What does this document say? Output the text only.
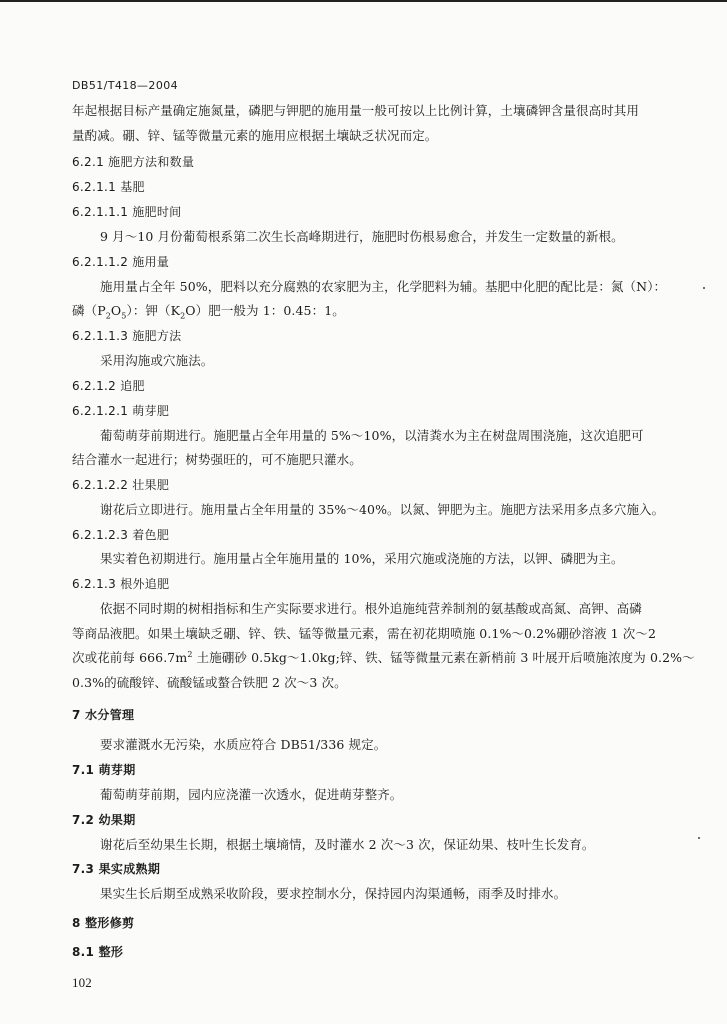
DB51/T418—2004
年起根据目标产量确定施氮量，磷肥与钾肥的施用量一般可按以上比例计算，土壤磷钾含量很高时其用
量酌减。硼、锌、锰等微量元素的施用应根据土壤缺乏状况而定。
6.2.1 施肥方法和数量
6.2.1.1 基肥
6.2.1.1.1 施肥时间
9 月～10 月份葡萄根系第二次生长高峰期进行，施肥时伤根易愈合，并发生一定数量的新根。
6.2.1.1.2 施用量
施用量占全年 50%，肥料以充分腐熟的农家肥为主，化学肥料为辅。基肥中化肥的配比是：氮（N）：
磷$(P_2O_5)$：钾$(K_2O)$肥一般为 1：0.45：1。
6.2.1.1.3 施肥方法
采用沟施或穴施法。
6.2.1.2 追肥
6.2.1.2.1 萌芽肥
葡萄萌芽前期进行。施肥量占全年用量的 5%～10%，以清粪水为主在树盘周围浇施，这次追肥可
结合灌水一起进行；树势强旺的，可不施肥只灌水。
6.2.1.2.2 壮果肥
谢花后立即进行。施用量占全年用量的 35%～40%。以氮、钾肥为主。施肥方法采用多点多穴施入。
6.2.1.2.3 着色肥
果实着色初期进行。施用量占全年施用量的 10%，采用穴施或浇施的方法，以钾、磷肥为主。
6.2.1.3 根外追肥
依据不同时期的树相指标和生产实际要求进行。根外追施纯营养制剂的氨基酸或高氮、高钾、高磷
等商品液肥。如果土壤缺乏硼、锌、铁、锰等微量元素，需在初花期喷施 0.1%～0.2%硼砂溶液 1 次～2
次或花前每 $666.7m^2$ 土施硼砂 0.5kg～1.0kg;锌、铁、锰等微量元素在新梢前 3 叶展开后喷施浓度为 0.2%～
0.3%的硫酸锌、硫酸锰或螯合铁肥 2 次～3 次。
7 水分管理
要求灌溉水无污染，水质应符合 DB51/336 规定。
7.1 萌芽期
葡萄萌芽前期，园内应浇灌一次透水，促进萌芽整齐。
7.2 幼果期
谢花后至幼果生长期，根据土壤墒情，及时灌水 2 次～3 次，保证幼果、枝叶生长发育。
7.3 果实成熟期
果实生长后期至成熟采收阶段，要求控制水分，保持园内沟渠通畅，雨季及时排水。
8 整形修剪
8.1 整形
102
